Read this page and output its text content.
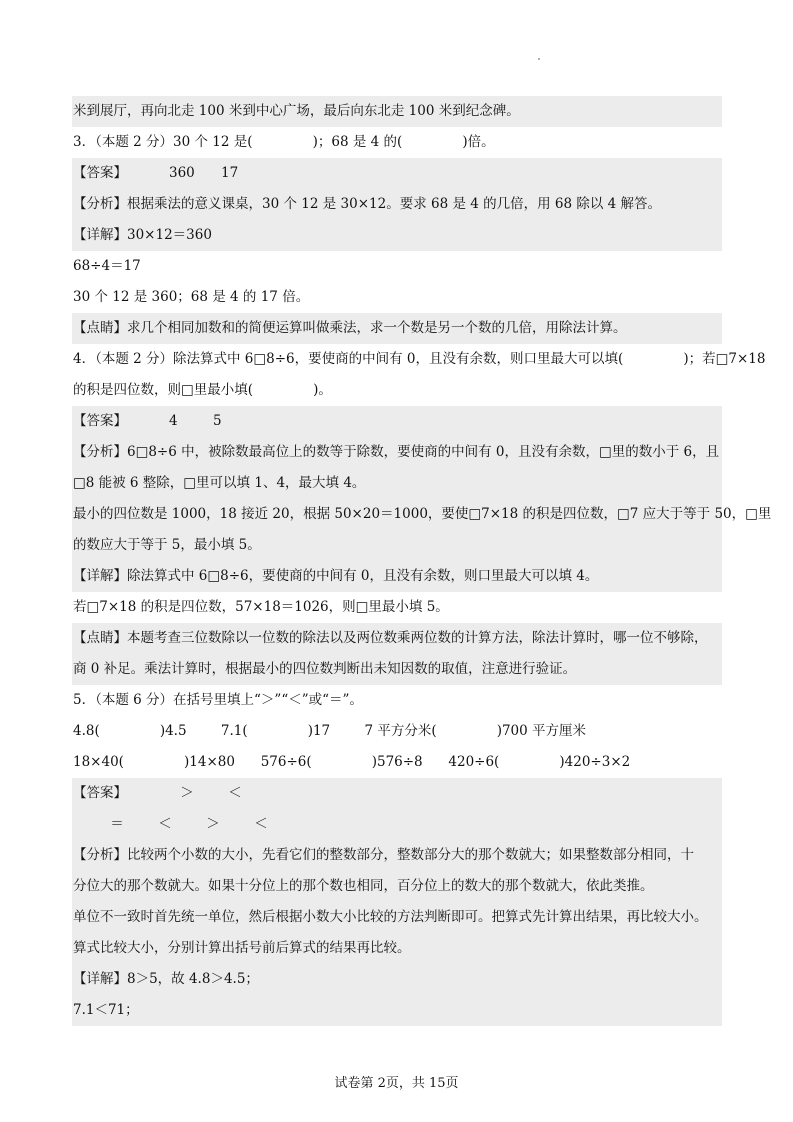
米到展厅，再向北走 100 米到中心广场，最后向东北走 100 米到纪念碑。
3．（本题 2 分）30 个 12 是(              )；68 是 4 的(              )倍。
【答案】	360 17
【分析】根据乘法的意义课桌，30 个 12 是 30×12。要求 68 是 4 的几倍，用 68 除以 4 解答。
【详解】30×12＝360
68÷4＝17
30 个 12 是 360；68 是 4 的 17 倍。
【点睛】求几个相同加数和的简便运算叫做乘法，求一个数是另一个数的几倍，用除法计算。
4．（本题 2 分）除法算式中 6□8÷6，要使商的中间有 0，且没有余数，则口里最大可以填(              )；若□7×18
的积是四位数，则□里最小填(              )。
【答案】	4	5
【分析】6□8÷6 中，被除数最高位上的数等于除数，要使商的中间有 0，且没有余数，□里的数小于 6，且
□8 能被 6 整除，□里可以填 1、4，最大填 4。
最小的四位数是 1000，18 接近 20，根据 50×20＝1000，要使□7×18 的积是四位数，□7 应大于等于 50，□里
的数应大于等于 5，最小填 5。
【详解】除法算式中 6□8÷6，要使商的中间有 0，且没有余数，则口里最大可以填 4。
若□7×18 的积是四位数，57×18＝1026，则□里最小填 5。
【点睛】本题考查三位数除以一位数的除法以及两位数乘两位数的计算方法，除法计算时，哪一位不够除，
商 0 补足。乘法计算时，根据最小的四位数判断出未知因数的取值，注意进行验证。
5．（本题 6 分）在括号里填上“＞”“＜”或“＝”。
4.8(              )4.5        7.1(              )17        7 平方分米(              )700 平方厘米
18×40(              )14×80      576÷6(              )576÷8      420÷6(              )420÷3×2
【答案】	＞	＜
＝	＜	＞	＜
【分析】比较两个小数的大小，先看它们的整数部分，整数部分大的那个数就大；如果整数部分相同，十
分位大的那个数就大。如果十分位上的那个数也相同，百分位上的数大的那个数就大，依此类推。
单位不一致时首先统一单位，然后根据小数大小比较的方法判断即可。把算式先计算出结果，再比较大小。
算式比较大小，分别计算出括号前后算式的结果再比较。
【详解】8＞5，故 4.8＞4.5；
7.1＜71；
试卷第 2页，共 15页
